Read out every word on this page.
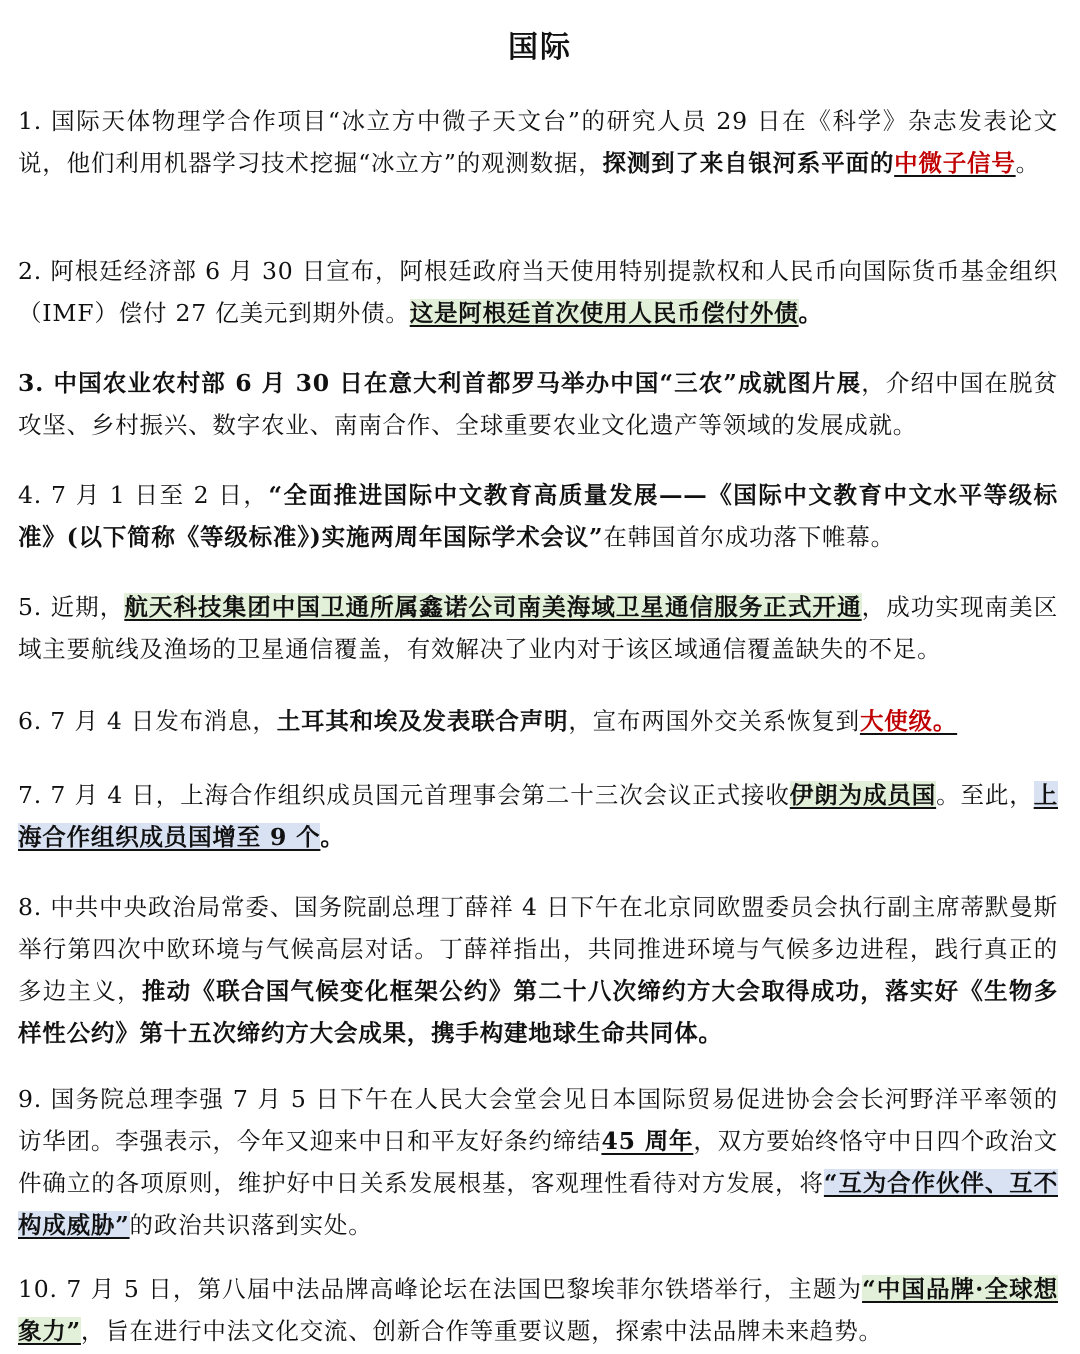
国际

1. 国际天体物理学合作项目“冰立方中微子天文台”的研究人员 29 日在《科学》杂志发表论文说，他们利用机器学习技术挖掘“冰立方”的观测数据，探测到了来自银河系平面的中微子信号。

2. 阿根廷经济部 6 月 30 日宣布，阿根廷政府当天使用特别提款权和人民币向国际货币基金组织（IMF）偿付 27 亿美元到期外债。这是阿根廷首次使用人民币偿付外债。

3. 中国农业农村部 6 月 30 日在意大利首都罗马举办中国“三农”成就图片展，介绍中国在脱贫攻坚、乡村振兴、数字农业、南南合作、全球重要农业文化遗产等领域的发展成就。

4. 7 月 1 日至 2 日，“全面推进国际中文教育高质量发展——《国际中文教育中文水平等级标准》(以下简称《等级标准》)实施两周年国际学术会议”在韩国首尔成功落下帷幕。

5. 近期，航天科技集团中国卫通所属鑫诺公司南美海域卫星通信服务正式开通，成功实现南美区域主要航线及渔场的卫星通信覆盖，有效解决了业内对于该区域通信覆盖缺失的不足。

6. 7 月 4 日发布消息，土耳其和埃及发表联合声明，宣布两国外交关系恢复到大使级。

7. 7 月 4 日，上海合作组织成员国元首理事会第二十三次会议正式接收伊朗为成员国。至此，上海合作组织成员国增至 9 个。

8. 中共中央政治局常委、国务院副总理丁薛祥 4 日下午在北京同欧盟委员会执行副主席蒂默曼斯举行第四次中欧环境与气候高层对话。丁薛祥指出，共同推进环境与气候多边进程，践行真正的多边主义，推动《联合国气候变化框架公约》第二十八次缔约方大会取得成功，落实好《生物多样性公约》第十五次缔约方大会成果，携手构建地球生命共同体。

9. 国务院总理李强 7 月 5 日下午在人民大会堂会见日本国际贸易促进协会会长河野洋平率领的访华团。李强表示，今年又迎来中日和平友好条约缔结45 周年，双方要始终恪守中日四个政治文件确立的各项原则，维护好中日关系发展根基，客观理性看待对方发展，将“互为合作伙伴、互不构成威胁”的政治共识落到实处。

10. 7 月 5 日，第八届中法品牌高峰论坛在法国巴黎埃菲尔铁塔举行，主题为“中国品牌·全球想象力”，旨在进行中法文化交流、创新合作等重要议题，探索中法品牌未来趋势。
